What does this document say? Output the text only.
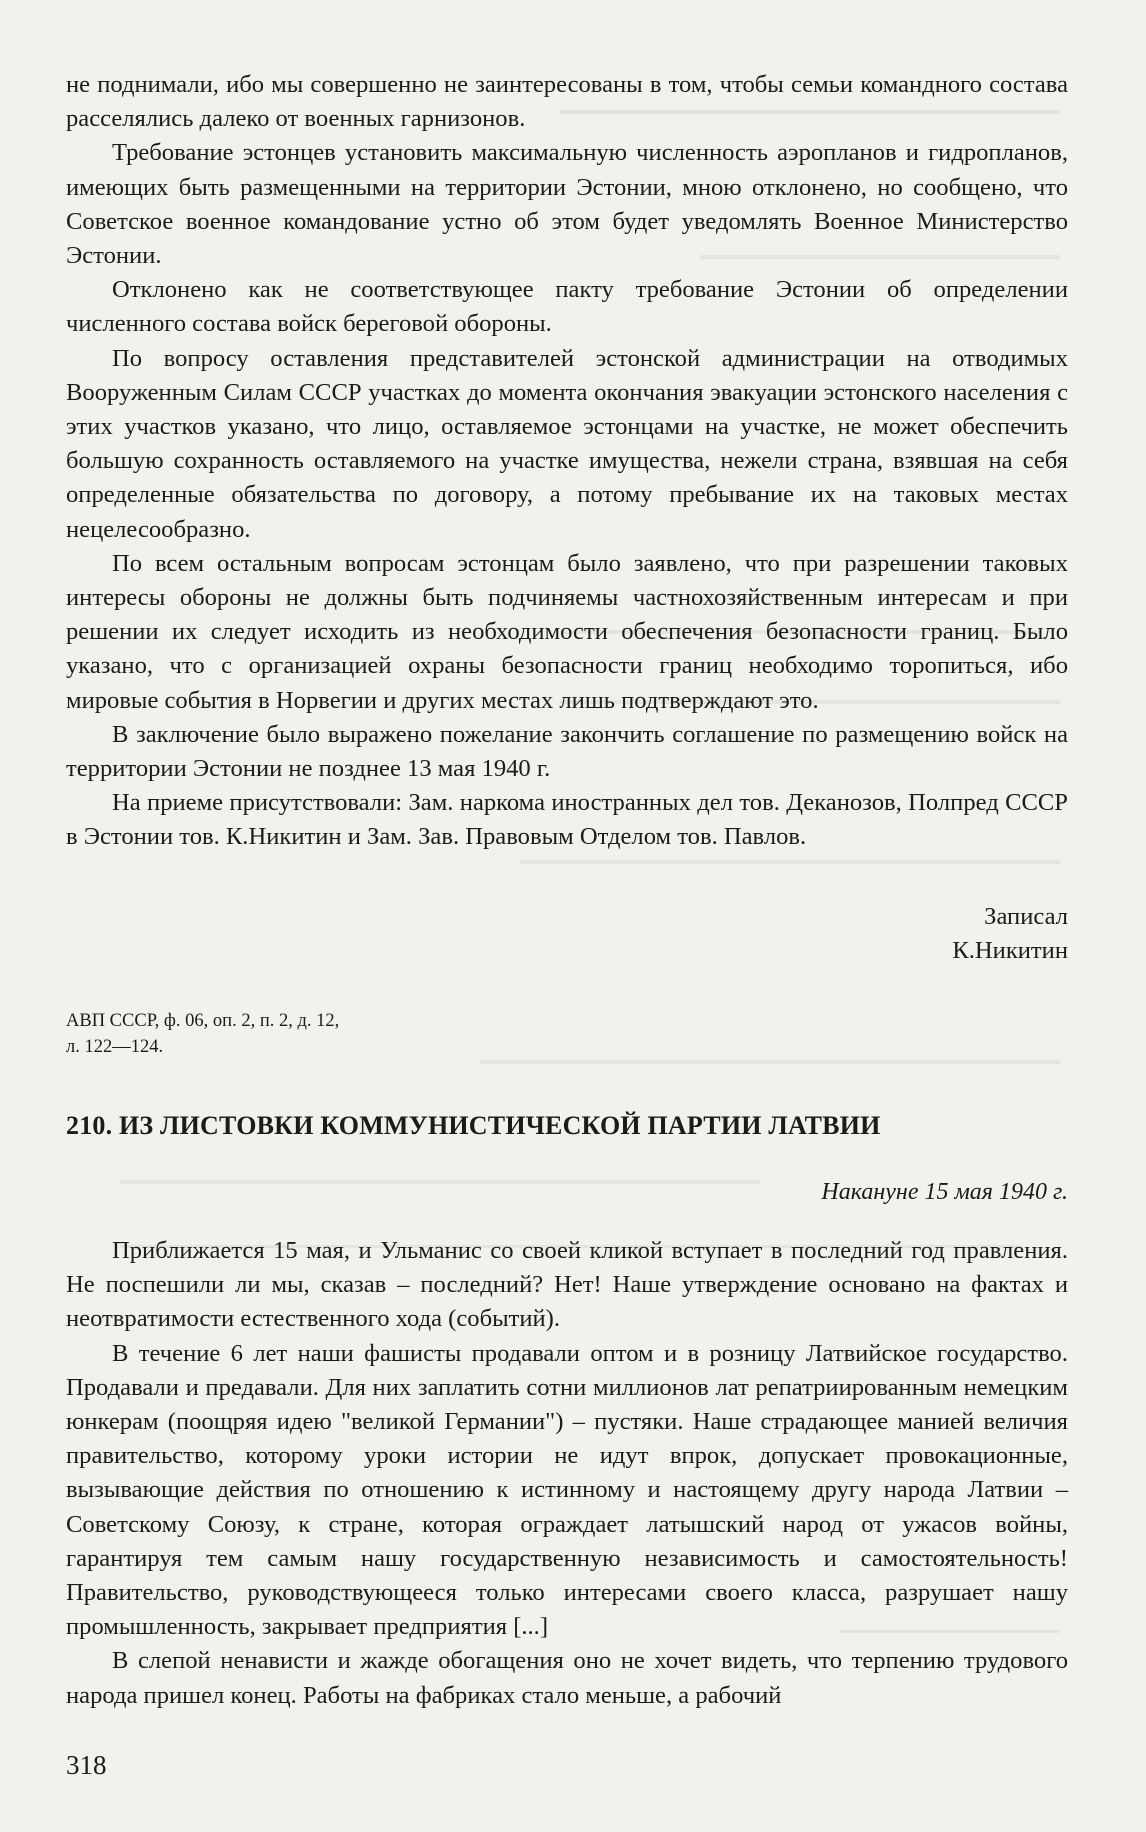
не поднимали, ибо мы совершенно не заинтересованы в том, чтобы семьи командного состава расселялись далеко от военных гарнизонов.

Требование эстонцев установить максимальную численность аэропланов и гидропланов, имеющих быть размещенными на территории Эстонии, мною отклонено, но сообщено, что Советское военное командование устно об этом будет уведомлять Военное Министерство Эстонии.

Отклонено как не соответствующее пакту требование Эстонии об определении численного состава войск береговой обороны.

По вопросу оставления представителей эстонской администрации на отводимых Вооруженным Силам СССР участках до момента окончания эвакуации эстонского населения с этих участков указано, что лицо, оставляемое эстонцами на участке, не может обеспечить большую сохранность оставляемого на участке имущества, нежели страна, взявшая на себя определенные обязательства по договору, а потому пребывание их на таковых местах нецелесообразно.

По всем остальным вопросам эстонцам было заявлено, что при разрешении таковых интересы обороны не должны быть подчиняемы частнохозяйственным интересам и при решении их следует исходить из необходимости обеспечения безопасности границ. Было указано, что с организацией охраны безопасности границ необходимо торопиться, ибо мировые события в Норвегии и других местах лишь подтверждают это.

В заключение было выражено пожелание закончить соглашение по размещению войск на территории Эстонии не позднее 13 мая 1940 г.

На приеме присутствовали: Зам. наркома иностранных дел тов. Деканозов, Полпред СССР в Эстонии тов. К.Никитин и Зам. Зав. Правовым Отделом тов. Павлов.

Записал
К.Никитин
АВП СССР, ф. 06, оп. 2, п. 2, д. 12,
л. 122—124.
210. ИЗ ЛИСТОВКИ КОММУНИСТИЧЕСКОЙ ПАРТИИ ЛАТВИИ
Накануне 15 мая 1940 г.

Приближается 15 мая, и Ульманис со своей кликой вступает в последний год правления. Не поспешили ли мы, сказав – последний? Нет! Наше утверждение основано на фактах и неотвратимости естественного хода (событий).

В течение 6 лет наши фашисты продавали оптом и в розницу Латвийское государство. Продавали и предавали. Для них заплатить сотни миллионов лат репатриированным немецким юнкерам (поощряя идею "великой Германии") – пустяки. Наше страдающее манией величия правительство, которому уроки истории не идут впрок, допускает провокационные, вызывающие действия по отношению к истинному и настоящему другу народа Латвии – Советскому Союзу, к стране, которая ограждает латышский народ от ужасов войны, гарантируя тем самым нашу государственную независимость и самостоятельность! Правительство, руководствующееся только интересами своего класса, разрушает нашу промышленность, закрывает предприятия [...]

В слепой ненависти и жажде обогащения оно не хочет видеть, что терпению трудового народа пришел конец. Работы на фабриках стало меньше, а рабочий

318
